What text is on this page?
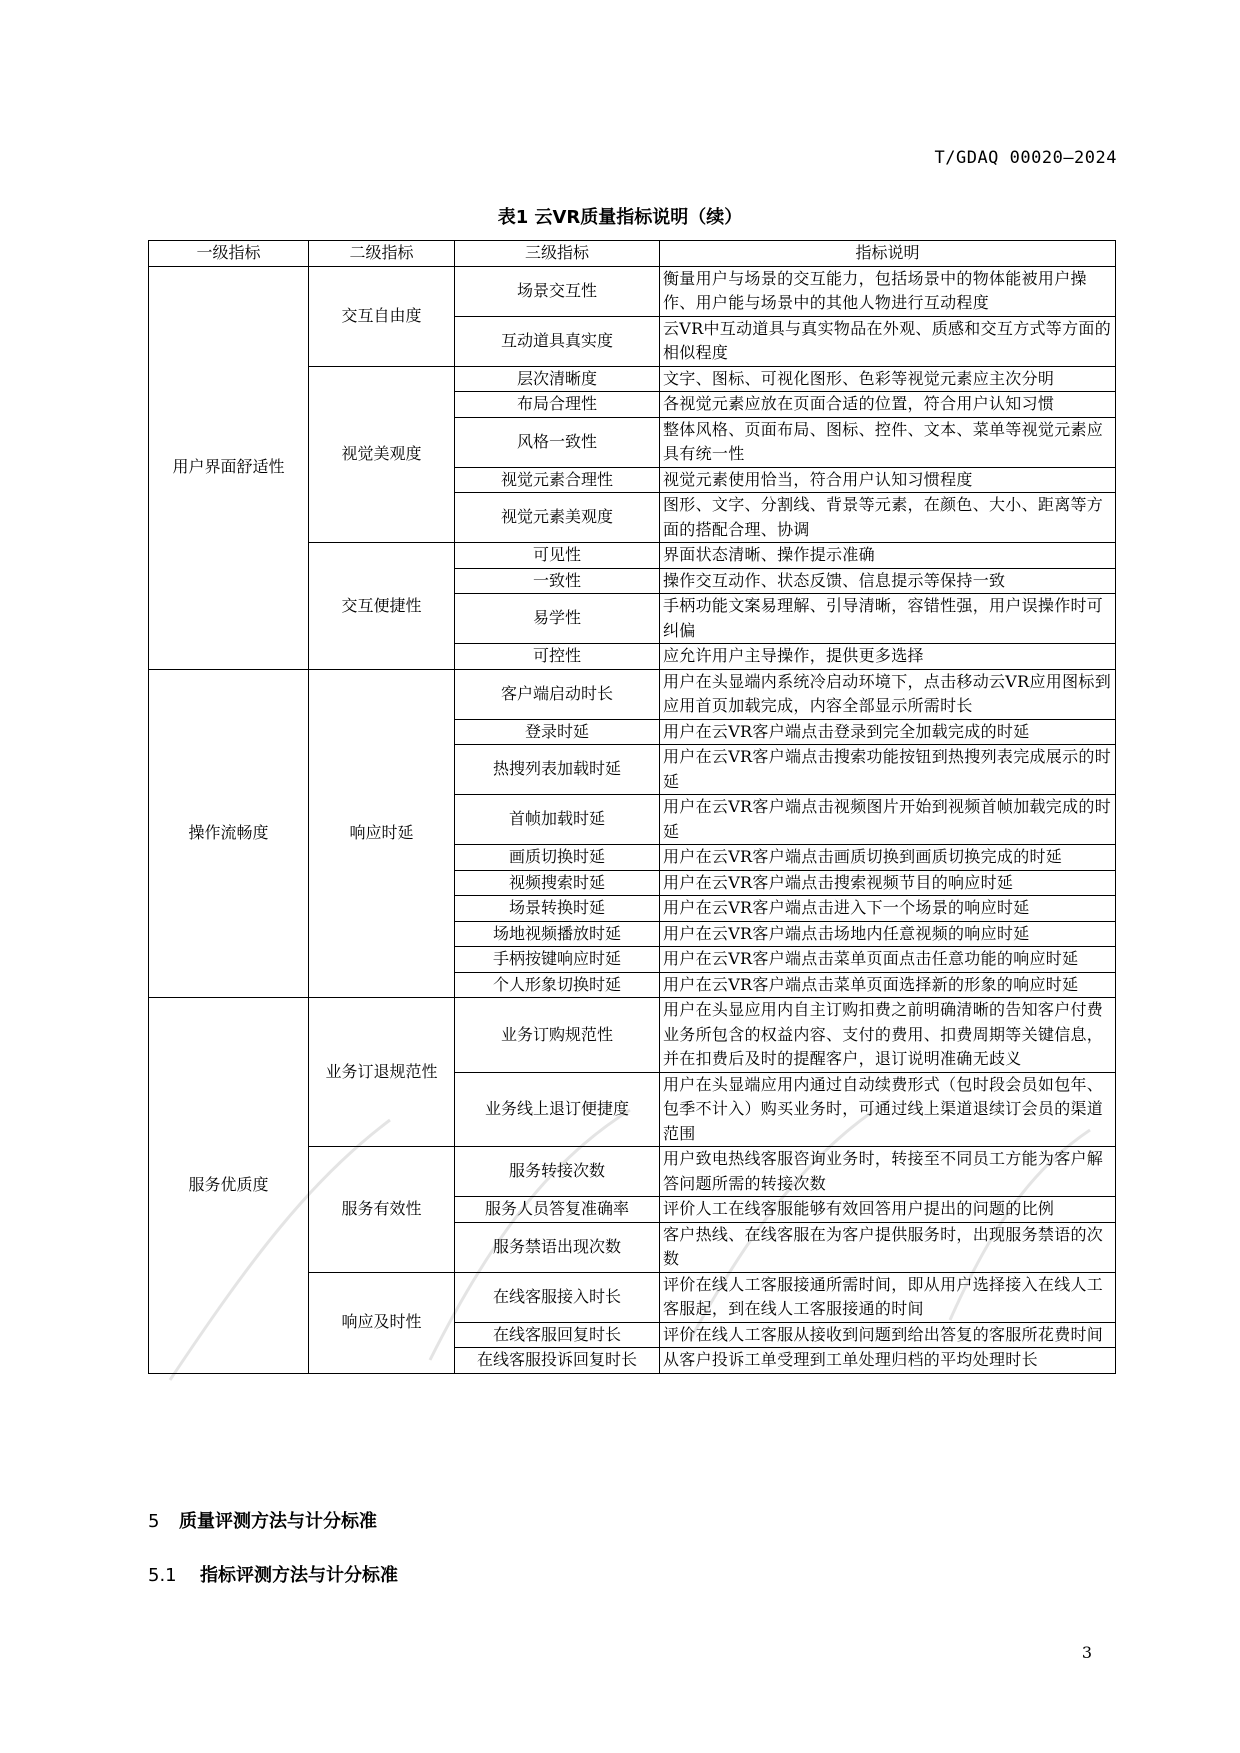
T/GDAQ 00020—2024
表1 云VR质量指标说明（续）
一级指标	二级指标	三级指标	指标说明
用户界面舒适性	交互自由度	场景交互性	衡量用户与场景的交互能力，包括场景中的物体能被用户操作、用户能与场景中的其他人物进行互动程度
		互动道具真实度	云VR中互动道具与真实物品在外观、质感和交互方式等方面的相似程度
	视觉美观度	层次清晰度	文字、图标、可视化图形、色彩等视觉元素应主次分明
		布局合理性	各视觉元素应放在页面合适的位置，符合用户认知习惯
		风格一致性	整体风格、页面布局、图标、控件、文本、菜单等视觉元素应具有统一性
		视觉元素合理性	视觉元素使用恰当，符合用户认知习惯程度
		视觉元素美观度	图形、文字、分割线、背景等元素，在颜色、大小、距离等方面的搭配合理、协调
	交互便捷性	可见性	界面状态清晰、操作提示准确
		一致性	操作交互动作、状态反馈、信息提示等保持一致
		易学性	手柄功能文案易理解、引导清晰，容错性强，用户误操作时可纠偏
		可控性	应允许用户主导操作，提供更多选择
操作流畅度	响应时延	客户端启动时长	用户在头显端内系统冷启动环境下，点击移动云VR应用图标到应用首页加载完成，内容全部显示所需时长
		登录时延	用户在云VR客户端点击登录到完全加载完成的时延
		热搜列表加载时延	用户在云VR客户端点击搜索功能按钮到热搜列表完成展示的时延
		首帧加载时延	用户在云VR客户端点击视频图片开始到视频首帧加载完成的时延
		画质切换时延	用户在云VR客户端点击画质切换到画质切换完成的时延
		视频搜索时延	用户在云VR客户端点击搜索视频节目的响应时延
		场景转换时延	用户在云VR客户端点击进入下一个场景的响应时延
		场地视频播放时延	用户在云VR客户端点击场地内任意视频的响应时延
		手柄按键响应时延	用户在云VR客户端点击菜单页面点击任意功能的响应时延
		个人形象切换时延	用户在云VR客户端点击菜单页面选择新的形象的响应时延
服务优质度	业务订退规范性	业务订购规范性	用户在头显应用内自主订购扣费之前明确清晰的告知客户付费业务所包含的权益内容、支付的费用、扣费周期等关键信息，并在扣费后及时的提醒客户，退订说明准确无歧义
		业务线上退订便捷度	用户在头显端应用内通过自动续费形式（包时段会员如包年、包季不计入）购买业务时，可通过线上渠道退续订会员的渠道范围
	服务有效性	服务转接次数	用户致电热线客服咨询业务时，转接至不同员工方能为客户解答问题所需的转接次数
		服务人员答复准确率	评价人工在线客服能够有效回答用户提出的问题的比例
		服务禁语出现次数	客户热线、在线客服在为客户提供服务时，出现服务禁语的次数
	响应及时性	在线客服接入时长	评价在线人工客服接通所需时间，即从用户选择接入在线人工客服起，到在线人工客服接通的时间
		在线客服回复时长	评价在线人工客服从接收到问题到给出答复的客服所花费时间
		在线客服投诉回复时长	从客户投诉工单受理到工单处理归档的平均处理时长
5 质量评测方法与计分标准
5.1 指标评测方法与计分标准
3
